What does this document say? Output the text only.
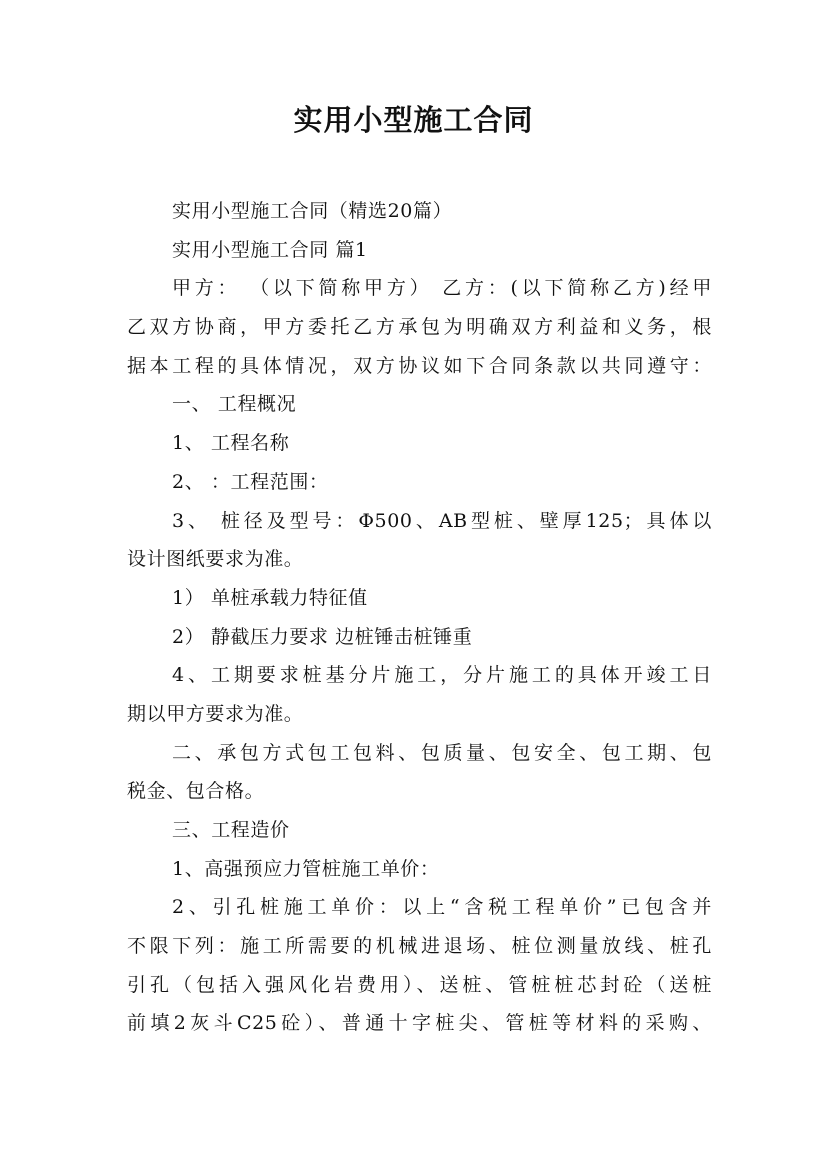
实用小型施工合同
实用小型施工合同（精选20篇）
实用小型施工合同 篇1
甲方： （以下简称甲方） 乙方：(以下简称乙方)经甲
乙双方协商，甲方委托乙方承包为明确双方利益和义务，根
据本工程的具体情况，双方协议如下合同条款以共同遵守：
一、 工程概况
1、 工程名称
2、 ：工程范围：
3、 桩径及型号：Φ500、AB型桩、壁厚125；具体以
设计图纸要求为准。
1） 单桩承载力特征值
2） 静截压力要求 边桩锤击桩锤重
4、工期要求桩基分片施工，分片施工的具体开竣工日
期以甲方要求为准。
二、承包方式包工包料、包质量、包安全、包工期、包
税金、包合格。
三、工程造价
1、高强预应力管桩施工单价：
2、引孔桩施工单价：以上“含税工程单价”已包含并
不限下列：施工所需要的机械进退场、桩位测量放线、桩孔
引孔（包括入强风化岩费用）、送桩、管桩桩芯封砼（送桩
前填2灰斗C25砼）、普通十字桩尖、管桩等材料的采购、
